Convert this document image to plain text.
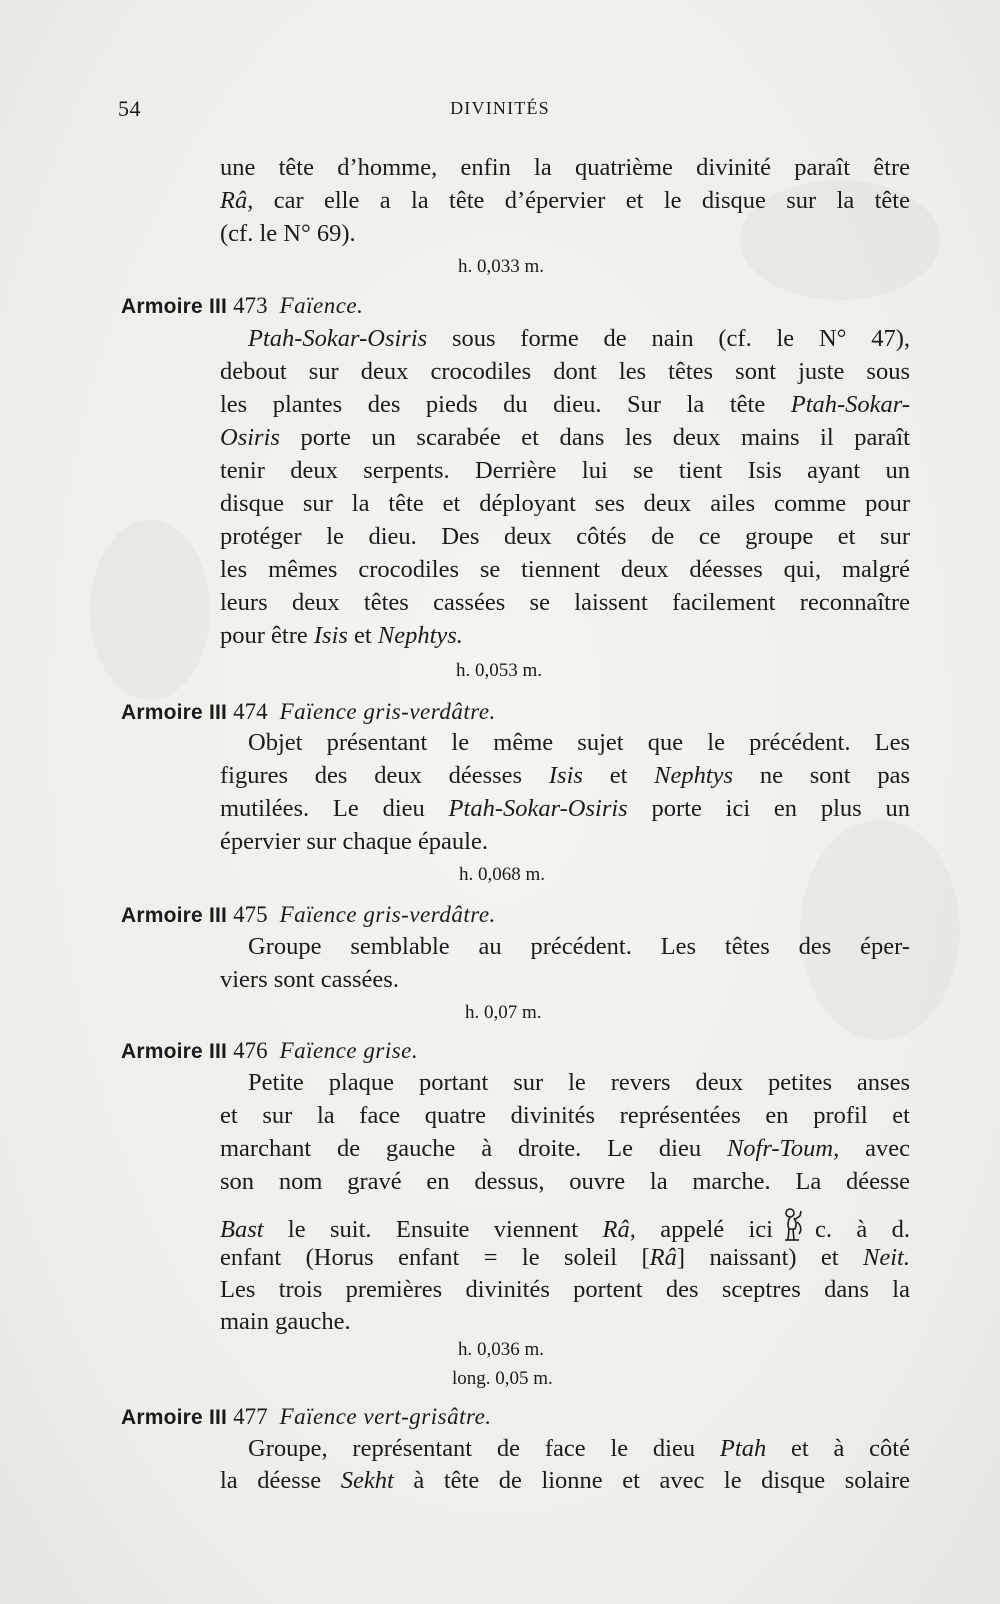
54	DIVINITÉS
une tête d’homme, enfin la quatrième divinité paraît être
Râ, car elle a la tête d’épervier et le disque sur la tête
(cf. le N° 69).
h. 0,033 m.
Armoire III 473 Faïence.
Ptah-Sokar-Osiris sous forme de nain (cf. le N° 47),
debout sur deux crocodiles dont les têtes sont juste sous
les plantes des pieds du dieu. Sur la tête Ptah-Sokar-
Osiris porte un scarabée et dans les deux mains il paraît
tenir deux serpents. Derrière lui se tient Isis ayant un
disque sur la tête et déployant ses deux ailes comme pour
protéger le dieu. Des deux côtés de ce groupe et sur
les mêmes crocodiles se tiennent deux déesses qui, malgré
leurs deux têtes cassées se laissent facilement reconnaître
pour être Isis et Nephtys.
h. 0,053 m.
Armoire III 474 Faïence gris-verdâtre.
Objet présentant le même sujet que le précédent. Les
figures des deux déesses Isis et Nephtys ne sont pas
mutilées. Le dieu Ptah-Sokar-Osiris porte ici en plus un
épervier sur chaque épaule.
h. 0,068 m.
Armoire III 475 Faïence gris-verdâtre.
Groupe semblable au précédent. Les têtes des éper-
viers sont cassées.
h. 0,07 m.
Armoire III 476 Faïence grise.
Petite plaque portant sur le revers deux petites anses
et sur la face quatre divinités représentées en profil et
marchant de gauche à droite. Le dieu Nofr-Toum, avec
son nom gravé en dessus, ouvre la marche. La déesse
Bast le suit. Ensuite viennent Râ, appelé ici c. à d.
enfant (Horus enfant = le soleil [Râ] naissant) et Neit.
Les trois premières divinités portent des sceptres dans la
main gauche.
h. 0,036 m.
long. 0,05 m.
Armoire III 477 Faïence vert-grisâtre.
Groupe, représentant de face le dieu Ptah et à côté
la déesse Sekht à tête de lionne et avec le disque solaire
